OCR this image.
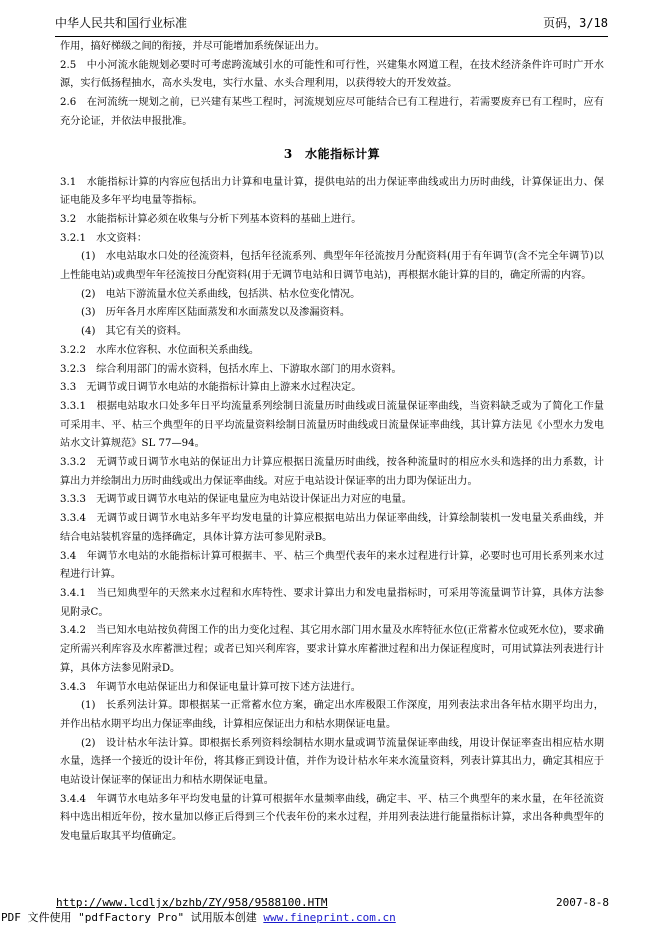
中华人民共和国行业标准	页码，3/18

作用，搞好梯级之间的衔接，并尽可能增加系统保证出力。

2.5　中小河流水能规划必要时可考虑跨流域引水的可能性和可行性，兴建集水网道工程，在技术经济条件许可时广开水源，实行低扬程抽水，高水头发电，实行水量、水头合理利用，以获得较大的开发效益。

2.6　在河流统一规划之前，已兴建有某些工程时，河流规划应尽可能结合已有工程进行，若需要废弃已有工程时，应有充分论证，并依法申报批准。

3　水能指标计算

3.1　水能指标计算的内容应包括出力计算和电量计算，提供电站的出力保证率曲线或出力历时曲线，计算保证出力、保证电能及多年平均电量等指标。

3.2　水能指标计算必须在收集与分析下列基本资料的基础上进行。

3.2.1　水文资料：

(1)　水电站取水口处的径流资料，包括年径流系列、典型年年径流按月分配资料(用于有年调节(含不完全年调节)以上性能电站)或典型年年径流按日分配资料(用于无调节电站和日调节电站)，再根据水能计算的目的，确定所需的内容。

(2)　电站下游流量水位关系曲线，包括洪、枯水位变化情况。

(3)　历年各月水库库区陆面蒸发和水面蒸发以及渗漏资料。

(4)　其它有关的资料。

3.2.2　水库水位容积、水位面积关系曲线。

3.2.3　综合利用部门的需水资料，包括水库上、下游取水部门的用水资料。

3.3　无调节或日调节水电站的水能指标计算由上游来水过程决定。

3.3.1　根据电站取水口处多年日平均流量系列绘制日流量历时曲线或日流量保证率曲线，当资料缺乏或为了简化工作量可采用丰、平、枯三个典型年的日平均流量资料绘制日流量历时曲线或日流量保证率曲线，其计算方法见《小型水力发电站水文计算规范》SL 77—94。

3.3.2　无调节或日调节水电站的保证出力计算应根据日流量历时曲线，按各种流量时的相应水头和选择的出力系数，计算出力并绘制出力历时曲线或出力保证率曲线。对应于电站设计保证率的出力即为保证出力。

3.3.3　无调节或日调节水电站的保证电量应为电站设计保证出力对应的电量。

3.3.4　无调节或日调节水电站多年平均发电量的计算应根据电站出力保证率曲线，计算绘制装机一发电量关系曲线，并结合电站装机容量的选择确定，具体计算方法可参见附录B。

3.4　年调节水电站的水能指标计算可根据丰、平、枯三个典型代表年的来水过程进行计算，必要时也可用长系列来水过程进行计算。

3.4.1　当已知典型年的天然来水过程和水库特性、要求计算出力和发电量指标时，可采用等流量调节计算，具体方法参见附录C。

3.4.2　当已知水电站按负荷图工作的出力变化过程、其它用水部门用水量及水库特征水位(正常蓄水位或死水位)，要求确定所需兴利库容及水库蓄泄过程；或者已知兴利库容，要求计算水库蓄泄过程和出力保证程度时，可用试算法列表进行计算，具体方法参见附录D。

3.4.3　年调节水电站保证出力和保证电量计算可按下述方法进行。

(1)　长系列法计算。即根据某一正常蓄水位方案，确定出水库极限工作深度，用列表法求出各年枯水期平均出力，并作出枯水期平均出力保证率曲线，计算相应保证出力和枯水期保证电量。

(2)　设计枯水年法计算。即根据长系列资料绘制枯水期水量或调节流量保证率曲线，用设计保证率查出相应枯水期水量，选择一个接近的设计年份，将其修正到设计值，并作为设计枯水年来水流量资料，列表计算其出力，确定其相应于电站设计保证率的保证出力和枯水期保证电量。

3.4.4　年调节水电站多年平均发电量的计算可根据年水量频率曲线，确定丰、平、枯三个典型年的来水量，在年径流资料中选出相近年份，按水量加以修正后得到三个代表年份的来水过程，并用列表法进行能量指标计算，求出各种典型年的发电量后取其平均值确定。

http://www.lcdljx/bzhb/ZY/958/9588100.HTM	2007-8-8
PDF 文件使用 "pdfFactory Pro" 试用版本创建 www.fineprint.com.cn
